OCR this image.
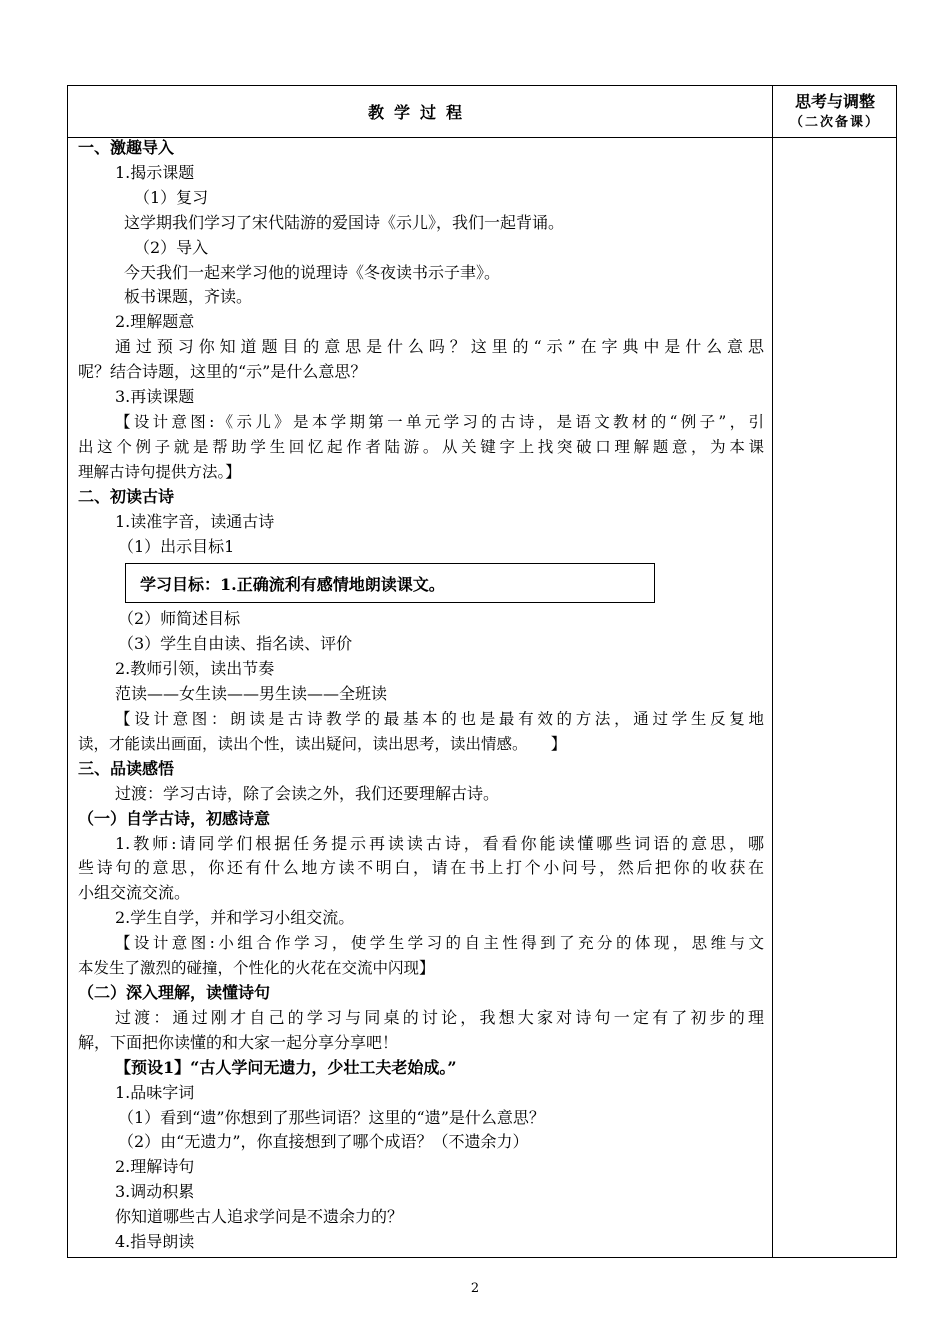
教学过程
思考与调整
（二次备课）
一、激趣导入
1.揭示课题
（1）复习
这学期我们学习了宋代陆游的爱国诗《示儿》，我们一起背诵。
（2）导入
今天我们一起来学习他的说理诗《冬夜读书示子聿》。
板书课题，齐读。
2.理解题意
通过预习你知道题目的意思是什么吗？这里的“示”在字典中是什么意思
呢？结合诗题，这里的“示”是什么意思？
3.再读课题
【设计意图:《示儿》是本学期第一单元学习的古诗，是语文教材的“例子”，引
出这个例子就是帮助学生回忆起作者陆游。从关键字上找突破口理解题意，为本课
理解古诗句提供方法。】
二、初读古诗
1.读准字音，读通古诗
（1）出示目标1
学习目标：1.正确流利有感情地朗读课文。
（2）师简述目标
（3）学生自由读、指名读、评价
2.教师引领，读出节奏
范读——女生读——男生读——全班读
【设计意图：朗读是古诗教学的最基本的也是最有效的方法，通过学生反复地
读，才能读出画面，读出个性，读出疑问，读出思考，读出情感。　　】
三、品读感悟
过渡：学习古诗，除了会读之外，我们还要理解古诗。
（一）自学古诗，初感诗意
1.教师:请同学们根据任务提示再读读古诗，看看你能读懂哪些词语的意思，哪
些诗句的意思，你还有什么地方读不明白，请在书上打个小问号，然后把你的收获在
小组交流交流。
2.学生自学，并和学习小组交流。
【设计意图:小组合作学习，使学生学习的自主性得到了充分的体现，思维与文
本发生了激烈的碰撞，个性化的火花在交流中闪现】
（二）深入理解，读懂诗句
过渡：通过刚才自己的学习与同桌的讨论，我想大家对诗句一定有了初步的理
解，下面把你读懂的和大家一起分享分享吧！
【预设1】“古人学问无遗力，少壮工夫老始成。”
1.品味字词
（1）看到“遗”你想到了那些词语？这里的“遗”是什么意思？
（2）由“无遗力”，你直接想到了哪个成语？（不遗余力）
2.理解诗句
3.调动积累
你知道哪些古人追求学问是不遗余力的？
4.指导朗读
2
